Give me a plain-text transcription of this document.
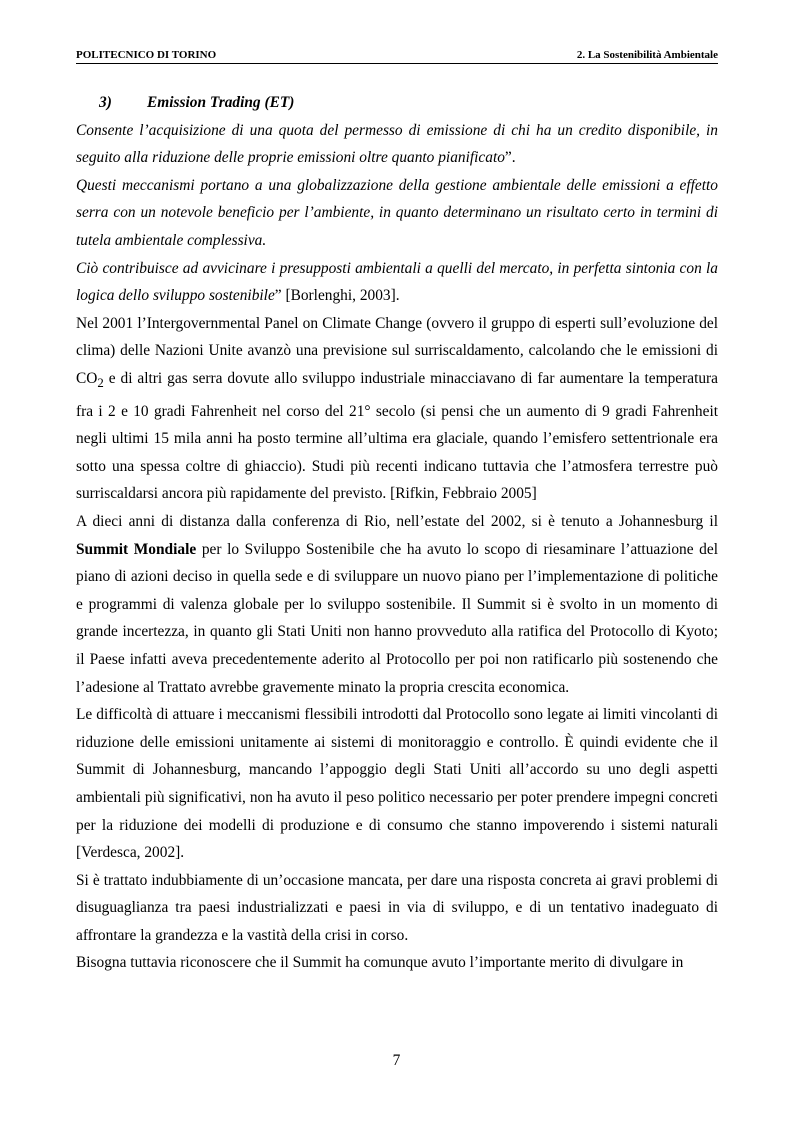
POLITECNICO DI TORINO	2. La Sostenibilità Ambientale

3) Emission Trading (ET)

Consente l’acquisizione di una quota del permesso di emissione di chi ha un credito disponibile, in seguito alla riduzione delle proprie emissioni oltre quanto pianificato”.

Questi meccanismi portano a una globalizzazione della gestione ambientale delle emissioni a effetto serra con un notevole beneficio per l’ambiente, in quanto determinano un risultato certo in termini di tutela ambientale complessiva.

Ciò contribuisce ad avvicinare i presupposti ambientali a quelli del mercato, in perfetta sintonia con la logica dello sviluppo sostenibile” [Borlenghi, 2003].

Nel 2001 l’Intergovernmental Panel on Climate Change (ovvero il gruppo di esperti sull’evoluzione del clima) delle Nazioni Unite avanzò una previsione sul surriscaldamento, calcolando che le emissioni di $CO_2$ e di altri gas serra dovute allo sviluppo industriale minacciavano di far aumentare la temperatura fra i 2 e 10 gradi Fahrenheit nel corso del 21° secolo (si pensi che un aumento di 9 gradi Fahrenheit negli ultimi 15 mila anni ha posto termine all’ultima era glaciale, quando l’emisfero settentrionale era sotto una spessa coltre di ghiaccio). Studi più recenti indicano tuttavia che l’atmosfera terrestre può surriscaldarsi ancora più rapidamente del previsto. [Rifkin, Febbraio 2005]

A dieci anni di distanza dalla conferenza di Rio, nell’estate del 2002, si è tenuto a Johannesburg il Summit Mondiale per lo Sviluppo Sostenibile che ha avuto lo scopo di riesaminare l’attuazione del piano di azioni deciso in quella sede e di sviluppare un nuovo piano per l’implementazione di politiche e programmi di valenza globale per lo sviluppo sostenibile. Il Summit si è svolto in un momento di grande incertezza, in quanto gli Stati Uniti non hanno provveduto alla ratifica del Protocollo di Kyoto; il Paese infatti aveva precedentemente aderito al Protocollo per poi non ratificarlo più sostenendo che l’adesione al Trattato avrebbe gravemente minato la propria crescita economica.

Le difficoltà di attuare i meccanismi flessibili introdotti dal Protocollo sono legate ai limiti vincolanti di riduzione delle emissioni unitamente ai sistemi di monitoraggio e controllo. È quindi evidente che il Summit di Johannesburg, mancando l’appoggio degli Stati Uniti all’accordo su uno degli aspetti ambientali più significativi, non ha avuto il peso politico necessario per poter prendere impegni concreti per la riduzione dei modelli di produzione e di consumo che stanno impoverendo i sistemi naturali [Verdesca, 2002].

Si è trattato indubbiamente di un’occasione mancata, per dare una risposta concreta ai gravi problemi di disuguaglianza tra paesi industrializzati e paesi in via di sviluppo, e di un tentativo inadeguato di affrontare la grandezza e la vastità della crisi in corso.

Bisogna tuttavia riconoscere che il Summit ha comunque avuto l’importante merito di divulgare in

7
